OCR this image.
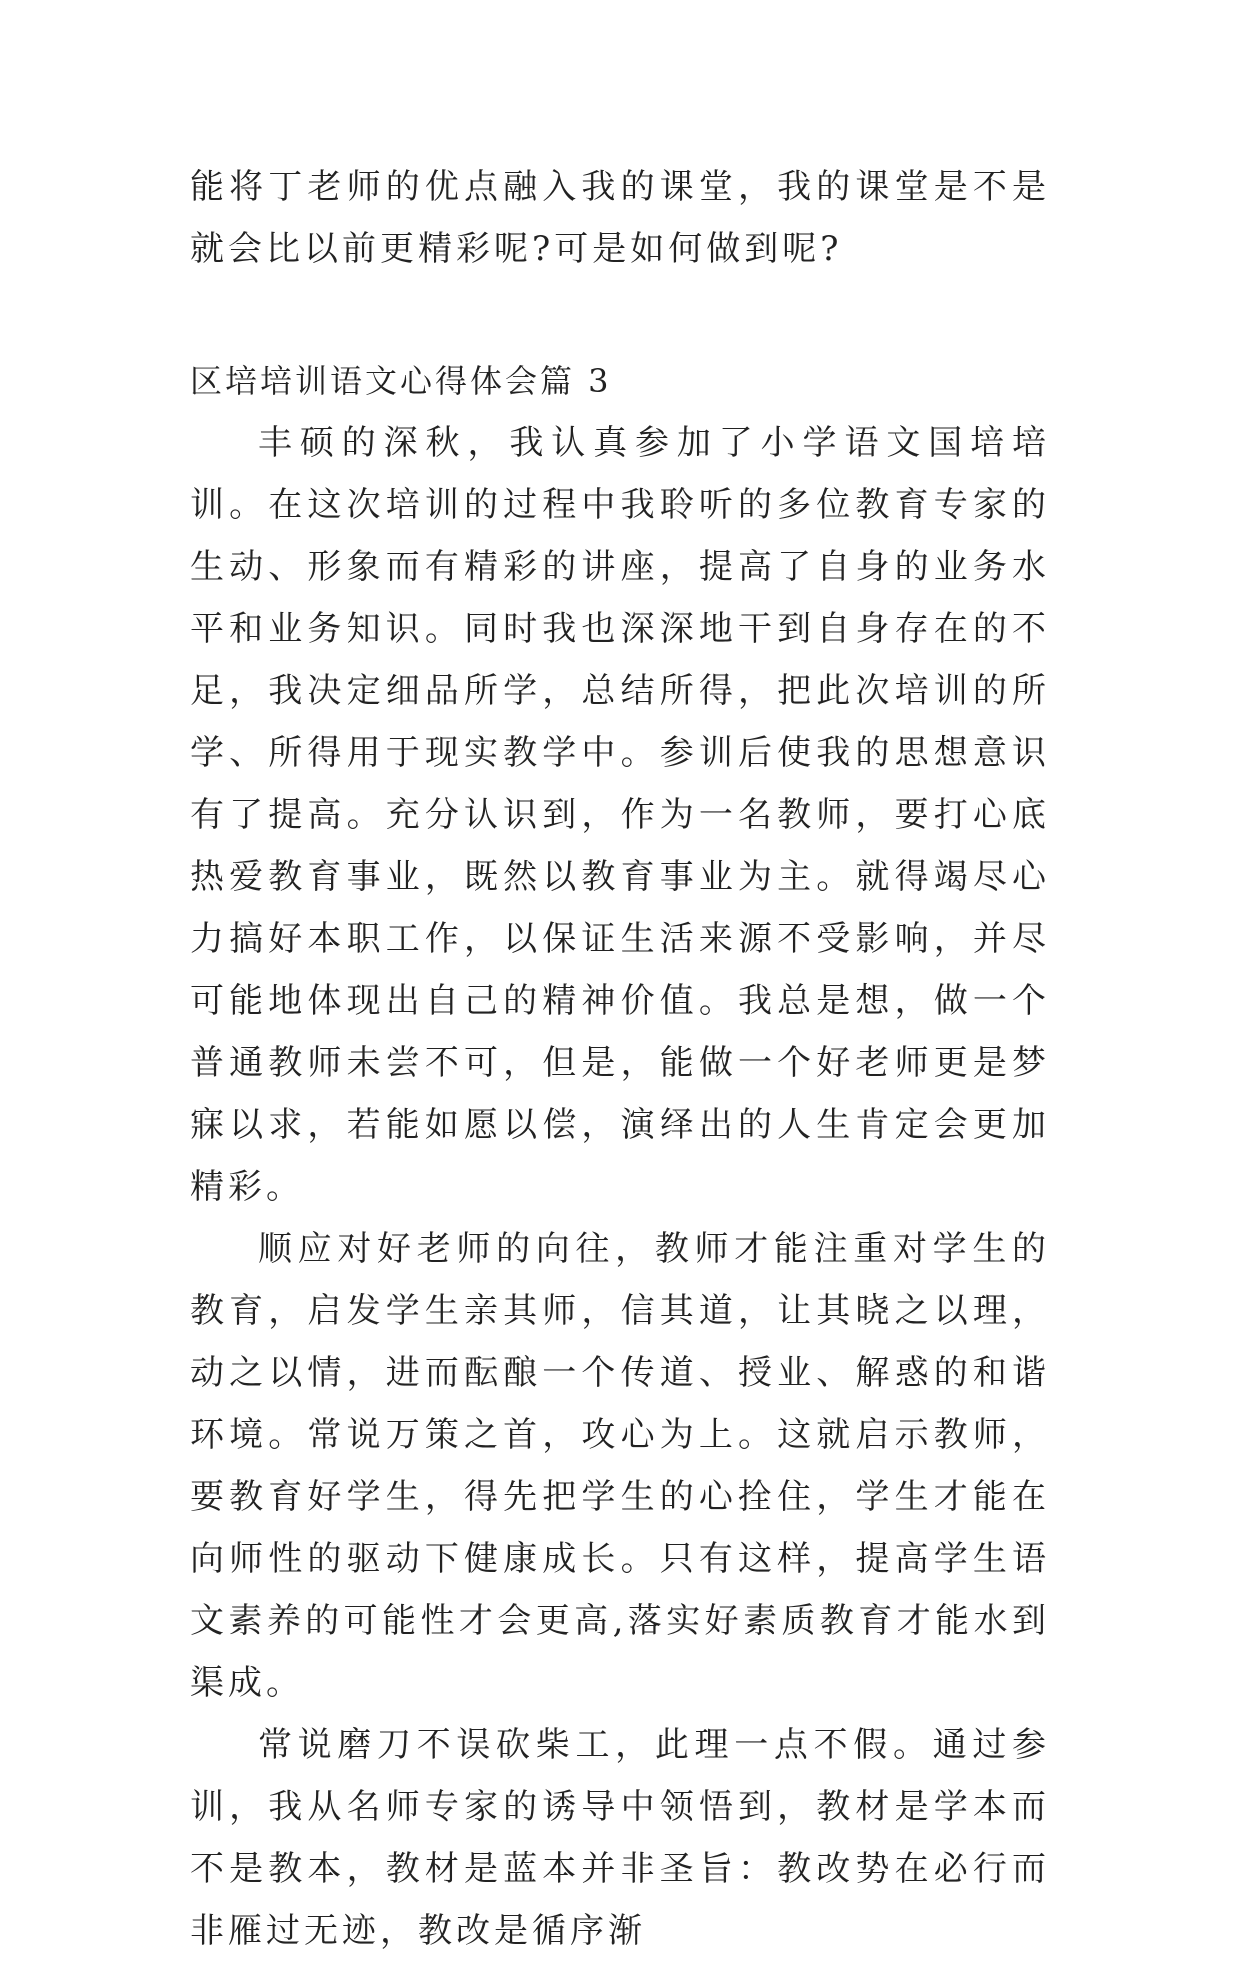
能将丁老师的优点融入我的课堂，我的课堂是不是就会比以前更精彩呢?可是如何做到呢?

区培培训语文心得体会篇 3

丰硕的深秋，我认真参加了小学语文国培培训。在这次培训的过程中我聆听的多位教育专家的生动、形象而有精彩的讲座，提高了自身的业务水平和业务知识。同时我也深深地干到自身存在的不足，我决定细品所学，总结所得，把此次培训的所学、所得用于现实教学中。参训后使我的思想意识有了提高。充分认识到，作为一名教师，要打心底热爱教育事业，既然以教育事业为主。就得竭尽心力搞好本职工作，以保证生活来源不受影响，并尽可能地体现出自己的精神价值。我总是想，做一个普通教师未尝不可，但是，能做一个好老师更是梦寐以求，若能如愿以偿，演绎出的人生肯定会更加精彩。

顺应对好老师的向往，教师才能注重对学生的教育，启发学生亲其师，信其道，让其晓之以理，动之以情，进而酝酿一个传道、授业、解惑的和谐环境。常说万策之首，攻心为上。这就启示教师，要教育好学生，得先把学生的心拴住，学生才能在向师性的驱动下健康成长。只有这样，提高学生语文素养的可能性才会更高,落实好素质教育才能水到渠成。

常说磨刀不误砍柴工，此理一点不假。通过参训，我从名师专家的诱导中领悟到，教材是学本而不是教本，教材是蓝本并非圣旨：教改势在必行而非雁过无迹，教改是循序渐
